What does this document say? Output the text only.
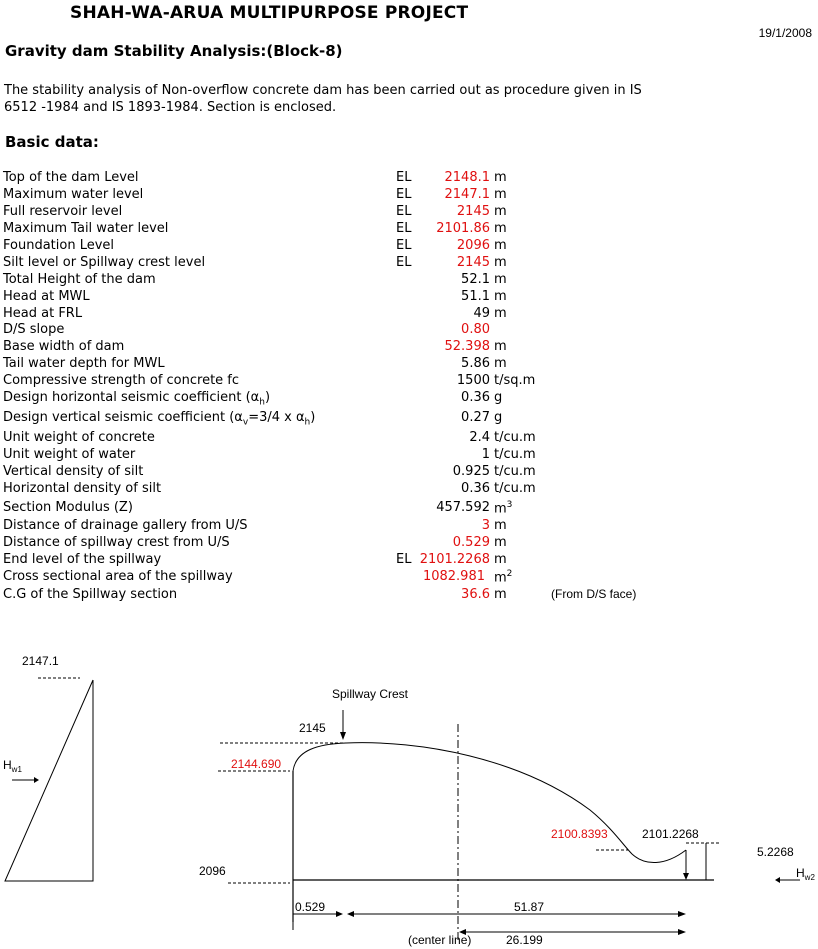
SHAH-WA-ARUA MULTIPURPOSE PROJECT
19/1/2008
Gravity dam Stability Analysis:(Block-8)
The stability analysis of Non-overflow concrete dam has been carried out as procedure given in IS 6512 -1984 and IS 1893-1984. Section is enclosed.
Basic data:
Top of the dam Level	EL	2148.1 m
Maximum water level	EL	2147.1 m
Full reservoir level	EL	2145 m
Maximum Tail water level	EL 2101.86 m
Foundation Level	EL	2096 m
Silt level or Spillway crest level	EL	2145 m
Total Height of the dam	52.1 m
Head at MWL	51.1 m
Head at FRL	49 m
D/S slope	0.80
Base width of dam	52.398 m
Tail water depth for MWL	5.86 m
Compressive strength of concrete fc	1500 t/sq.m
Design horizontal seismic coefficient $(\alpha_h)$	0.36 g
Design vertical seismic coefficient ($\alpha_v=3/4$ x $\alpha_h$)	0.27 g
Unit weight of concrete	2.4 t/cu.m
Unit weight of water	1 t/cu.m
Vertical density of silt	0.925 t/cu.m
Horizontal density of silt	0.36 t/cu.m
Section Modulus (Z)	457.592 $m^3$
Distance of drainage gallery from U/S	3 m
Distance of spillway crest from U/S	0.529 m
End level of the spillway	EL 2101.2268 m
Cross sectional area of the spillway	1082.981 $m^2$
C.G of the Spillway section	36.6 m	(From D/S face)
2147.1
$H_{w1}$
Spillway Crest
2145
2144.690
2096
2100.8393	2101.2268
5.2268
$H_{w2}$
0.529	51.87
(center line)	26.199
